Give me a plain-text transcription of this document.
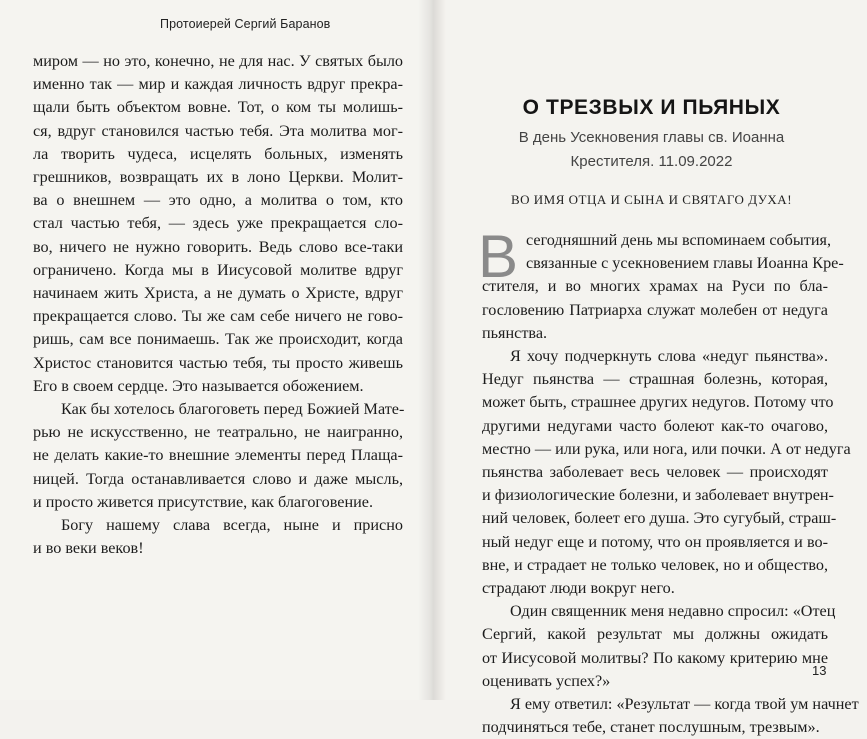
Протоиерей Сергий Баранов
миром — но это, конечно, не для нас. У святых было
именно так — мир и каждая личность вдруг прекра-
щали быть объектом вовне. Тот, о ком ты молишь-
ся, вдруг становился частью тебя. Эта молитва мог-
ла творить чудеса, исцелять больных, изменять
грешников, возвращать их в лоно Церкви. Молит-
ва о внешнем — это одно, а молитва о том, кто
стал частью тебя, — здесь уже прекращается сло-
во, ничего не нужно говорить. Ведь слово все-таки
ограничено. Когда мы в Иисусовой молитве вдруг
начинаем жить Христа, а не думать о Христе, вдруг
прекращается слово. Ты же сам себе ничего не гово-
ришь, сам все понимаешь. Так же происходит, когда
Христос становится частью тебя, ты просто живешь
Его в своем сердце. Это называется обожением.
Как бы хотелось благоговеть перед Божией Мате-
рью не искусственно, не театрально, не наигранно,
не делать какие-то внешние элементы перед Плаща-
ницей. Тогда останавливается слово и даже мысль,
и просто живется присутствие, как благоговение.
Богу нашему слава всегда, ныне и присно
и во веки веков!
О ТРЕЗВЫХ И ПЬЯНЫХ
В день Усекновения главы св. Иоанна
Крестителя. 11.09.2022
ВО ИМЯ ОТЦА И СЫНА И СВЯТАГО ДУХА!
В сегодняшний день мы вспоминаем события,
связанные с усекновением главы Иоанна Кре-
стителя, и во многих храмах на Руси по бла-
гословению Патриарха служат молебен от недуга
пьянства.
Я хочу подчеркнуть слова «недуг пьянства».
Недуг пьянства — страшная болезнь, которая,
может быть, страшнее других недугов. Потому что
другими недугами часто болеют как-то очагово,
местно — или рука, или нога, или почки. А от недуга
пьянства заболевает весь человек — происходят
и физиологические болезни, и заболевает внутрен-
ний человек, болеет его душа. Это сугубый, страш-
ный недуг еще и потому, что он проявляется и во-
вне, и страдает не только человек, но и общество,
страдают люди вокруг него.
Один священник меня недавно спросил: «Отец
Сергий, какой результат мы должны ожидать
от Иисусовой молитвы? По какому критерию мне
оценивать успех?»
Я ему ответил: «Результат — когда твой ум начнет
подчиняться тебе, станет послушным, трезвым».
13
